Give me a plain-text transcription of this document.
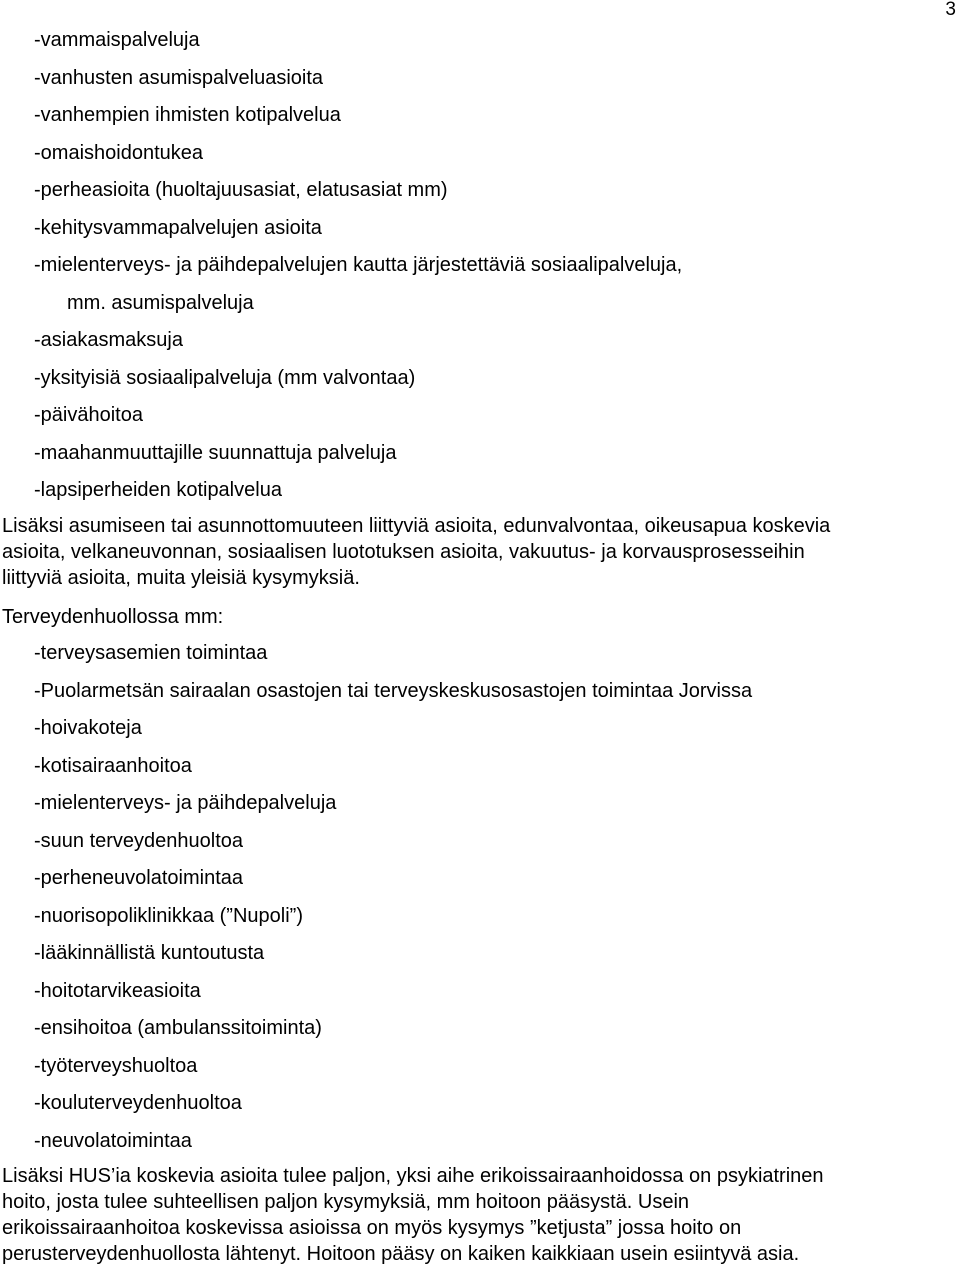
3
-vammaispalveluja
-vanhusten asumispalveluasioita
-vanhempien ihmisten kotipalvelua
-omaishoidontukea
-perheasioita (huoltajuusasiat, elatusasiat mm)
-kehitysvammapalvelujen asioita
-mielenterveys- ja päihdepalvelujen kautta järjestettäviä sosiaalipalveluja,
mm. asumispalveluja
-asiakasmaksuja
-yksityisiä sosiaalipalveluja (mm valvontaa)
-päivähoitoa
-maahanmuuttajille suunnattuja palveluja
-lapsiperheiden kotipalvelua

Lisäksi asumiseen tai asunnottomuuteen liittyviä asioita, edunvalvontaa, oikeusapua koskevia
asioita, velkaneuvonnan, sosiaalisen luototuksen asioita, vakuutus- ja korvausprosesseihin
liittyviä asioita, muita yleisiä kysymyksiä.

Terveydenhuollossa mm:

-terveysasemien toimintaa
-Puolarmetsän sairaalan osastojen tai terveyskeskusosastojen toimintaa Jorvissa
-hoivakoteja
-kotisairaanhoitoa
-mielenterveys- ja päihdepalveluja
-suun terveydenhuoltoa
-perheneuvolatoimintaa
-nuorisopoliklinikkaa (”Nupoli”)
-lääkinnällistä kuntoutusta
-hoitotarvikeasioita
-ensihoitoa (ambulanssitoiminta)
-työterveyshuoltoa
-kouluterveydenhuoltoa
-neuvolatoimintaa

Lisäksi HUS’ia koskevia asioita tulee paljon, yksi aihe erikoissairaanhoidossa on psykiatrinen
hoito, josta tulee suhteellisen paljon kysymyksiä, mm hoitoon pääsystä. Usein
erikoissairaanhoitoa koskevissa asioissa on myös kysymys ”ketjusta” jossa hoito on
perusterveydenhuollosta lähtenyt. Hoitoon pääsy on kaiken kaikkiaan usein esiintyvä asia.
